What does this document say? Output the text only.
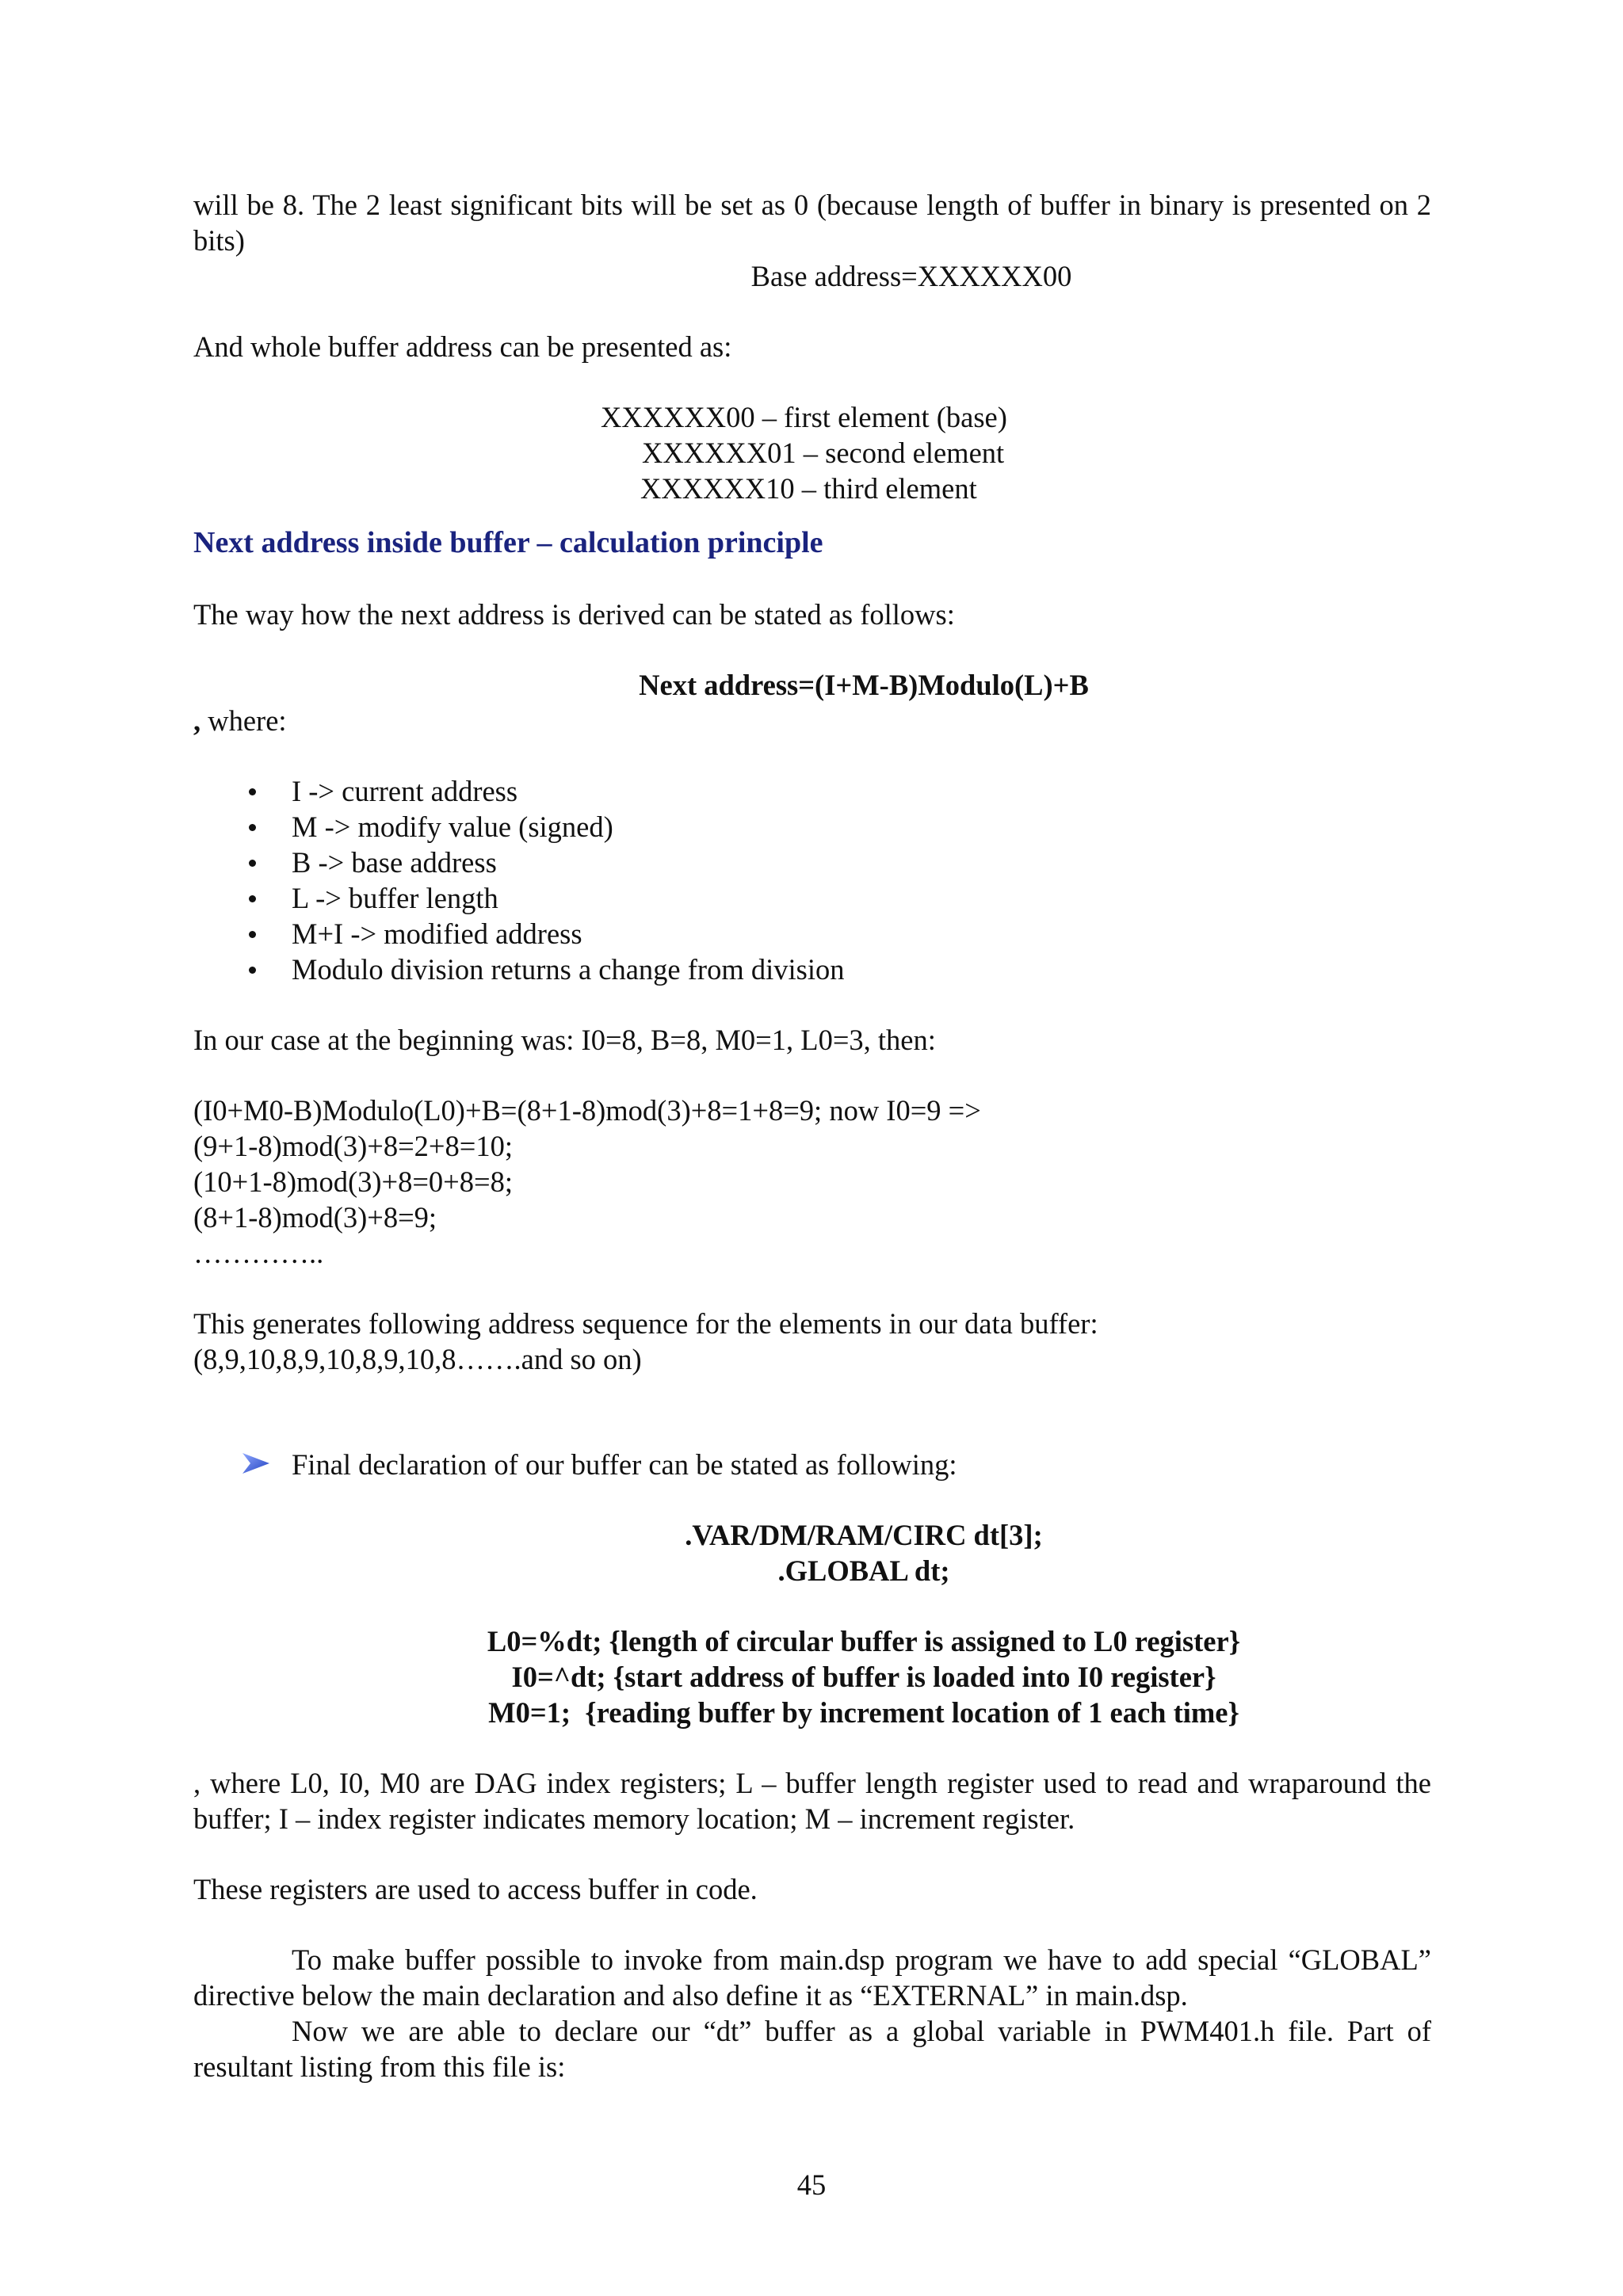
will be 8. The 2 least significant bits will be set as 0 (because length of buffer in binary is presented on 2 bits)

Base address=XXXXXX00

And whole buffer address can be presented as:

XXXXXX00 – first element (base)

XXXXXX01 – second element

XXXXXX10 – third element

Next address inside buffer – calculation principle

The way how the next address is derived can be stated as follows:

Next address=(I+M-B)Modulo(L)+B

, where:

I -> current address
M -> modify value (signed)
B -> base address
L -> buffer length
M+I -> modified address
Modulo division returns a change from division

In our case at the beginning was: I0=8, B=8, M0=1, L0=3, then:

(I0+M0-B)Modulo(L0)+B=(8+1-8)mod(3)+8=1+8=9; now I0=9 =>

(9+1-8)mod(3)+8=2+8=10;

(10+1-8)mod(3)+8=0+8=8;

(8+1-8)mod(3)+8=9;

…………..

This generates following address sequence for the elements in our data buffer:

(8,9,10,8,9,10,8,9,10,8…….and so on)

Final declaration of our buffer can be stated as following:

.VAR/DM/RAM/CIRC dt[3];

.GLOBAL dt;

L0=%dt; {length of circular buffer is assigned to L0 register}

I0=^dt; {start address of buffer is loaded into I0 register}

M0=1;  {reading buffer by increment location of 1 each time}

, where L0, I0, M0 are DAG index registers; L – buffer length register used to read and wraparound the buffer; I – index register indicates memory location; M – increment register.

These registers are used to access buffer in code.

To make buffer possible to invoke from main.dsp program we have to add special “GLOBAL” directive below the main declaration and also define it as “EXTERNAL” in main.dsp.

Now we are able to declare our “dt” buffer as a global variable in PWM401.h file. Part of resultant listing from this file is:

45
